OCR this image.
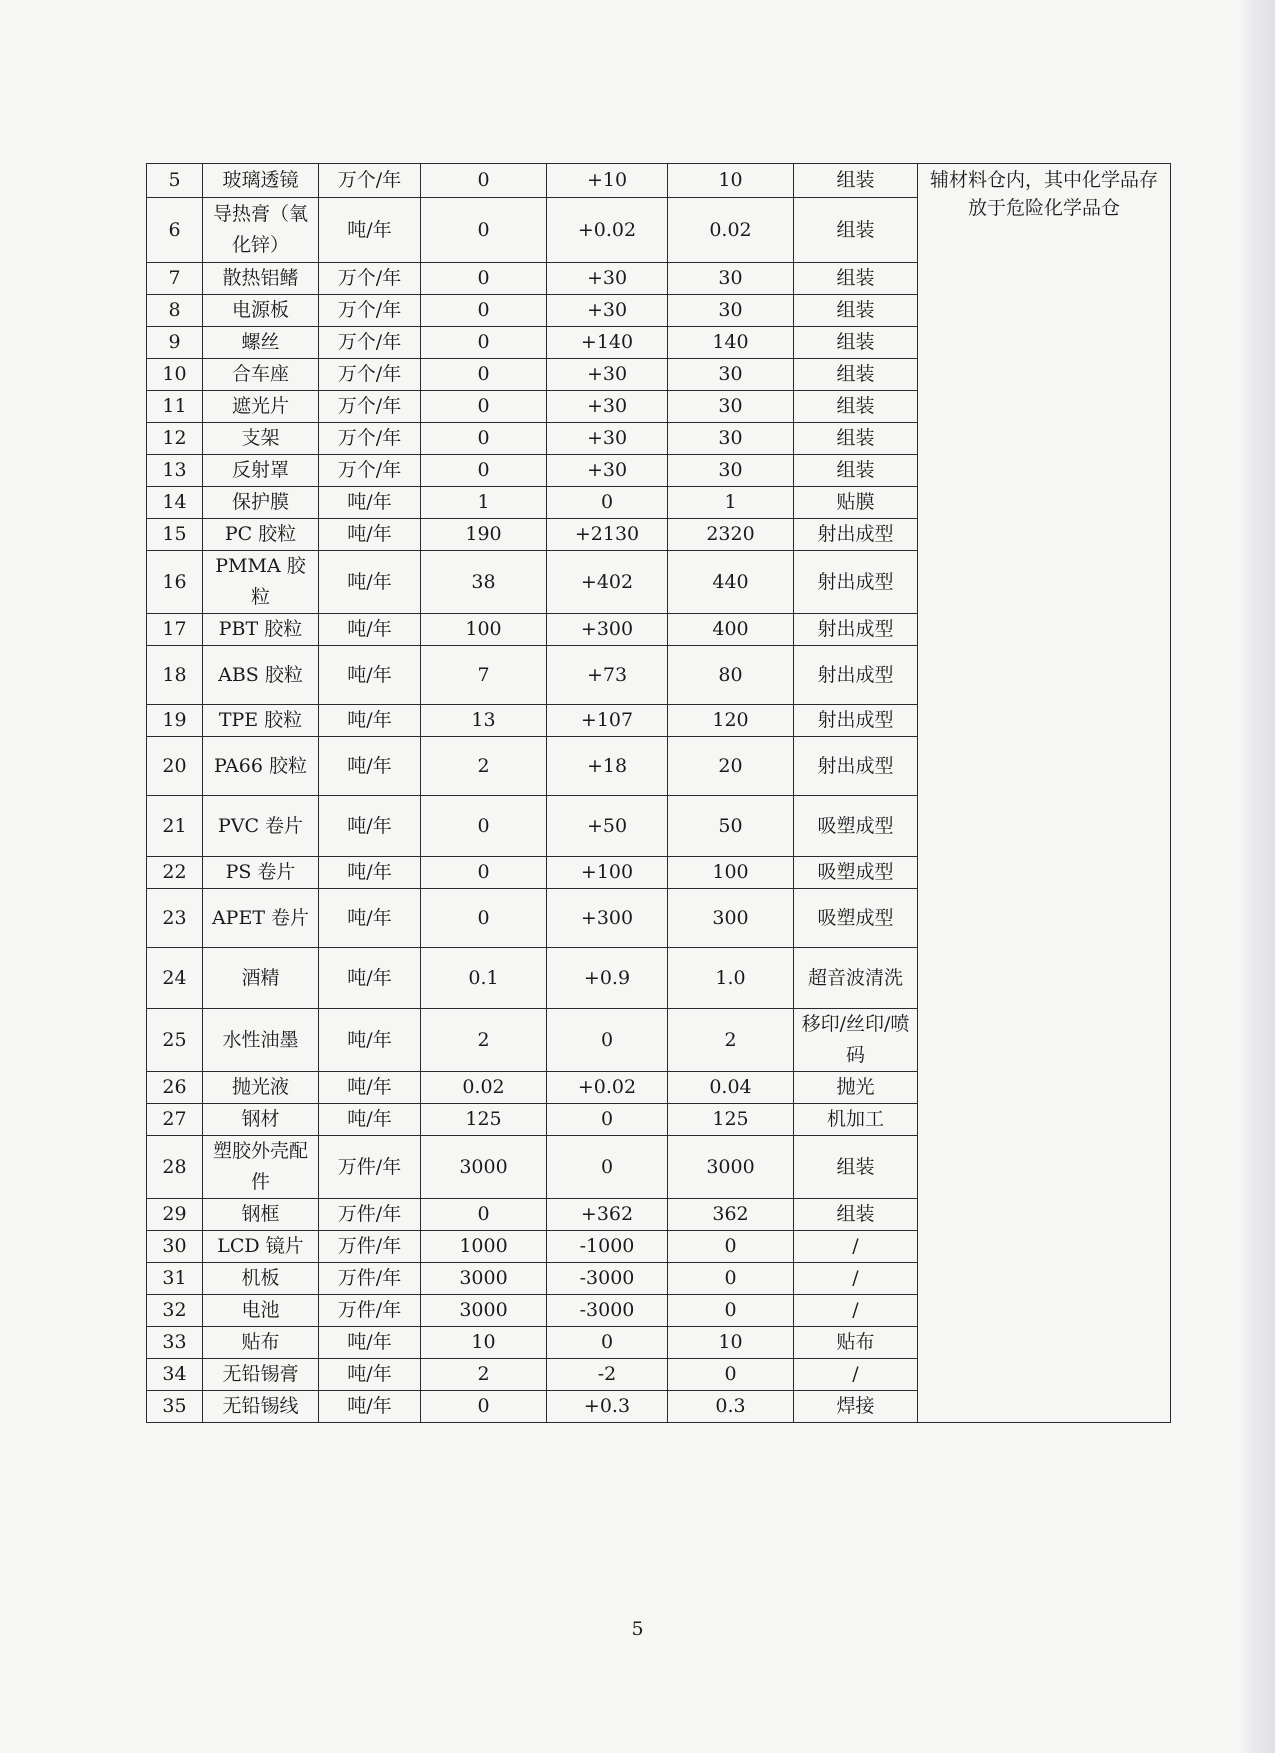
5	玻璃透镜	万个/年	0	+10	10	组装	辅材料仓内，其中化学品存放于危险化学品仓
6	导热膏（氧化锌）	吨/年	0	+0.02	0.02	组装	
7	散热铝鳍	万个/年	0	+30	30	组装	
8	电源板	万个/年	0	+30	30	组装	
9	螺丝	万个/年	0	+140	140	组装	
10	合车座	万个/年	0	+30	30	组装	
11	遮光片	万个/年	0	+30	30	组装	
12	支架	万个/年	0	+30	30	组装	
13	反射罩	万个/年	0	+30	30	组装	
14	保护膜	吨/年	1	0	1	贴膜	
15	PC 胶粒	吨/年	190	+2130	2320	射出成型	
16	PMMA 胶粒	吨/年	38	+402	440	射出成型	
17	PBT 胶粒	吨/年	100	+300	400	射出成型	
18	ABS 胶粒	吨/年	7	+73	80	射出成型	
19	TPE 胶粒	吨/年	13	+107	120	射出成型	
20	PA66 胶粒	吨/年	2	+18	20	射出成型	
21	PVC 卷片	吨/年	0	+50	50	吸塑成型	
22	PS 卷片	吨/年	0	+100	100	吸塑成型	
23	APET 卷片	吨/年	0	+300	300	吸塑成型	
24	酒精	吨/年	0.1	+0.9	1.0	超音波清洗	
25	水性油墨	吨/年	2	0	2	移印/丝印/喷码	
26	抛光液	吨/年	0.02	+0.02	0.04	抛光	
27	钢材	吨/年	125	0	125	机加工	
28	塑胶外壳配件	万件/年	3000	0	3000	组装	
29	钢框	万件/年	0	+362	362	组装	
30	LCD 镜片	万件/年	1000	-1000	0	/	
31	机板	万件/年	3000	-3000	0	/	
32	电池	万件/年	3000	-3000	0	/	
33	贴布	吨/年	10	0	10	贴布	
34	无铅锡膏	吨/年	2	-2	0	/	
35	无铅锡线	吨/年	0	+0.3	0.3	焊接	
5
